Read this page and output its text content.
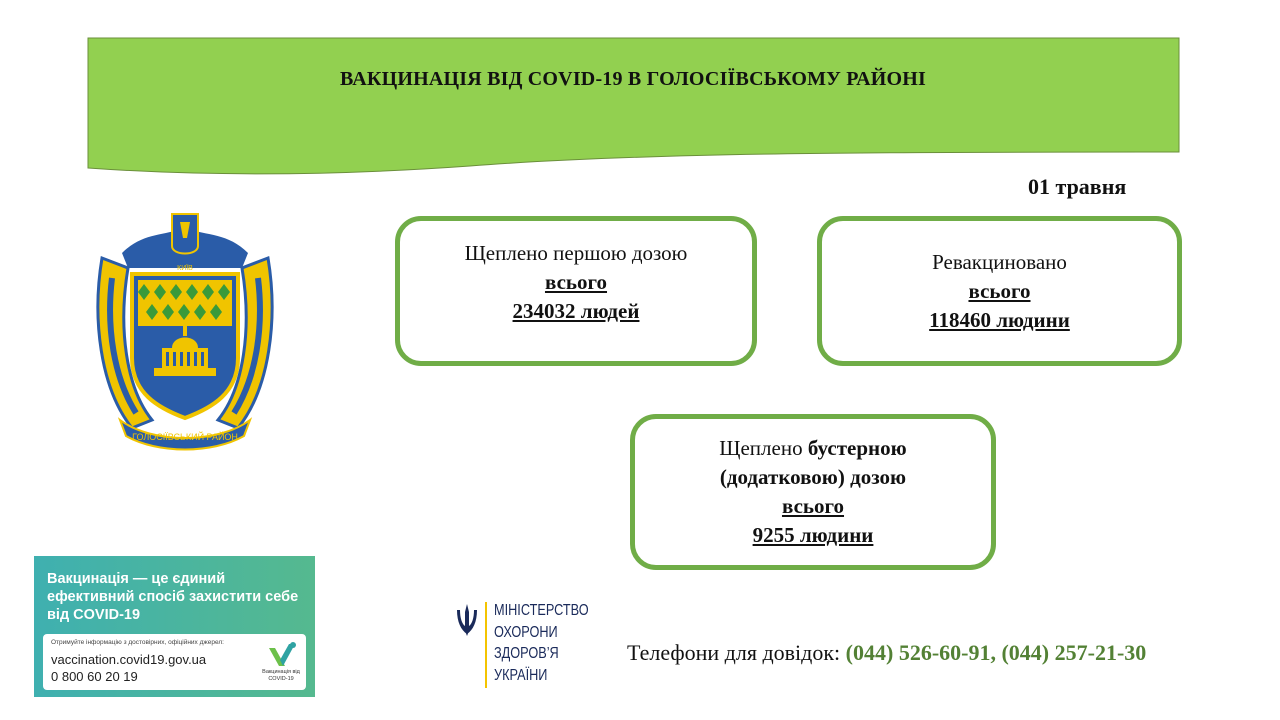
ВАКЦИНАЦІЯ ВІД COVID-19 В ГОЛОСІЇВСЬКОМУ РАЙОНІ
01 травня
КИЇВ
ГОЛОСІЇВСЬКИЙ РАЙОН
Щеплено першою дозою
всього
234032 людей
Ревакциновано
всього
118460 людини
Щеплено бустерною
(додатковою) дозою
всього
9255 людини
Вакцинація — це єдиний ефективний спосіб захистити себе від COVID-19
Отримуйте інформацію з достовірних, офіційних джерел:
vaccination.covid19.gov.ua
0 800 60 20 19	Вакцинація від COVID-19
МІНІСТЕРСТВО
ОХОРОНИ
ЗДОРОВ’Я
УКРАЇНИ
Телефони для довідок: (044) 526-60-91, (044) 257-21-30
